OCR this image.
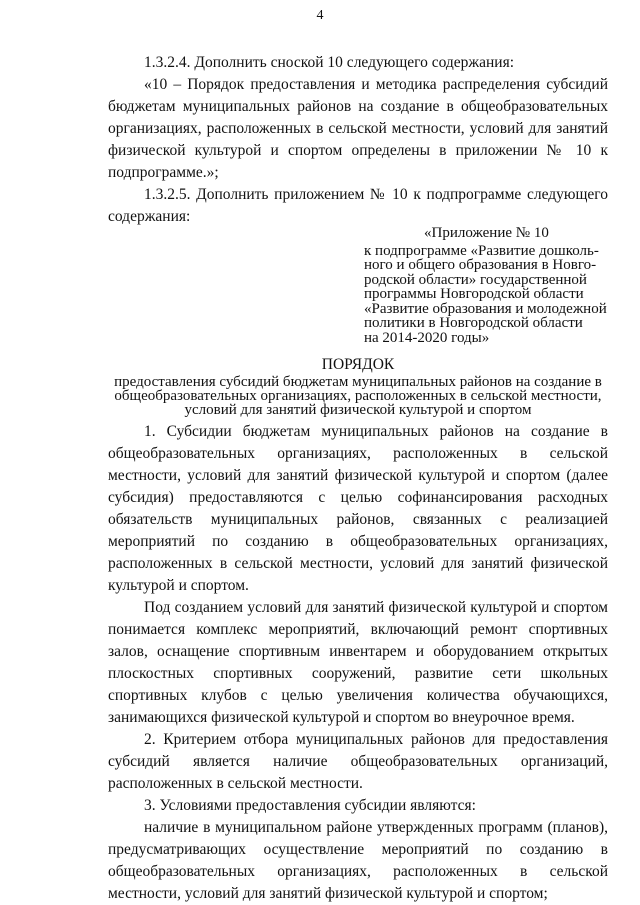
4

1.3.2.4. Дополнить сноской 10 следующего содержания:

«10 – Порядок предоставления и методика распределения субсидий бюджетам муниципальных районов на создание в общеобразовательных организациях, расположенных в сельской местности, условий для занятий физической культурой и спортом определены в приложении № 10 к подпрограмме.»;

1.3.2.5. Дополнить приложением № 10 к подпрограмме следующего содержания:

«Приложение № 10
к подпрограмме «Развитие дошколь-
ного и общего образования в Новго-
родской области» государственной
программы Новгородской области
«Развитие образования и молодежной
политики в Новгородской области
на 2014-2020 годы»
ПОРЯДОК
предоставления субсидий бюджетам муниципальных районов на создание в
общеобразовательных организациях, расположенных в сельской местности,
условий для занятий физической культурой и спортом

1. Субсидии бюджетам муниципальных районов на создание в общеобразовательных организациях, расположенных в сельской местности, условий для занятий физической культурой и спортом (далее субсидия) предоставляются с целью софинансирования расходных обязательств муниципальных районов, связанных с реализацией мероприятий по созданию в общеобразовательных организациях, расположенных в сельской местности, условий для занятий физической культурой и спортом.

Под созданием условий для занятий физической культурой и спортом понимается комплекс мероприятий, включающий ремонт спортивных залов, оснащение спортивным инвентарем и оборудованием открытых плоскостных спортивных сооружений, развитие сети школьных спортивных клубов с целью увеличения количества обучающихся, занимающихся физической культурой и спортом во внеурочное время.

2. Критерием отбора муниципальных районов для предоставления субсидий является наличие общеобразовательных организаций, расположенных в сельской местности.

3. Условиями предоставления субсидии являются:

наличие в муниципальном районе утвержденных программ (планов), предусматривающих осуществление мероприятий по созданию в общеобразовательных организациях, расположенных в сельской местности, условий для занятий физической культурой и спортом;
